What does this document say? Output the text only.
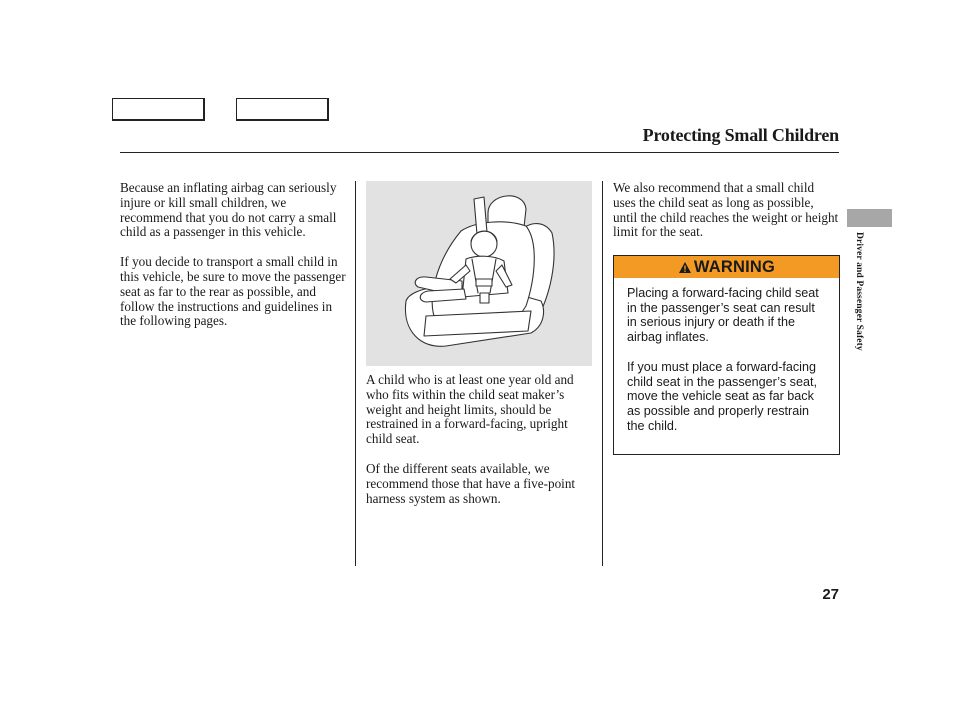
Protecting Small Children

Because an inflating airbag can seriously injure or kill small children, we recommend that you do not carry a small child as a passenger in this vehicle.

If you decide to transport a small child in this vehicle, be sure to move the passenger seat as far to the rear as possible, and follow the instructions and guidelines in the following pages.

A child who is at least one year old and who fits within the child seat maker’s weight and height limits, should be restrained in a forward-facing, upright child seat.

Of the different seats available, we recommend those that have a five-point harness system as shown.

We also recommend that a small child uses the child seat as long as possible, until the child reaches the weight or height limit for the seat.

WARNING

Placing a forward-facing child seat in the passenger’s seat can result in serious injury or death if the airbag inflates.

If you must place a forward-facing child seat in the passenger’s seat, move the vehicle seat as far back as possible and properly restrain the child.

Driver and Passenger Safety
27
